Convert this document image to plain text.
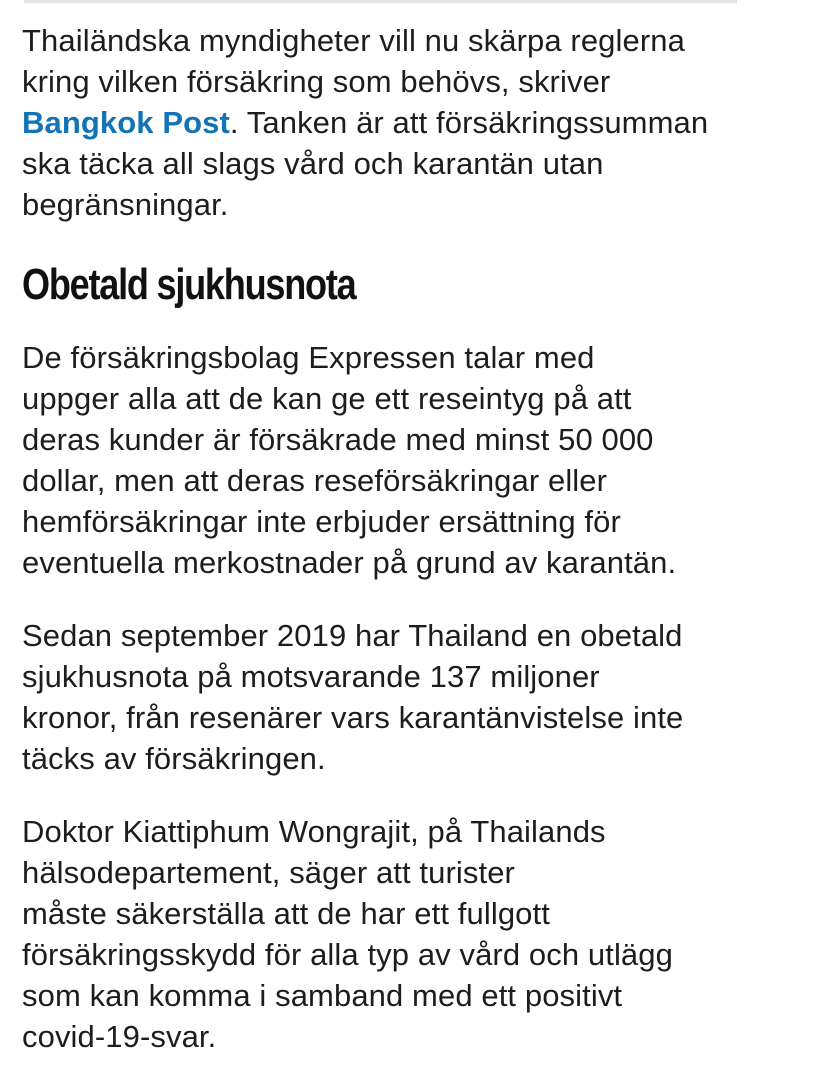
Thailändska myndigheter vill nu skärpa reglerna
kring vilken försäkring som behövs, skriver
Bangkok Post. Tanken är att försäkringssumman
ska täcka all slags vård och karantän utan
begränsningar.

Obetald sjukhusnota

De försäkringsbolag Expressen talar med
uppger alla att de kan ge ett reseintyg på att
deras kunder är försäkrade med minst 50 000
dollar, men att deras reseförsäkringar eller
hemförsäkringar inte erbjuder ersättning för
eventuella merkostnader på grund av karantän.

Sedan september 2019 har Thailand en obetald
sjukhusnota på motsvarande 137 miljoner
kronor, från resenärer vars karantänvistelse inte
täcks av försäkringen.

Doktor Kiattiphum Wongrajit, på Thailands
hälsodepartement, säger att turister
måste säkerställa att de har ett fullgott
försäkringsskydd för alla typ av vård och utlägg
som kan komma i samband med ett positivt
covid-19-svar.
